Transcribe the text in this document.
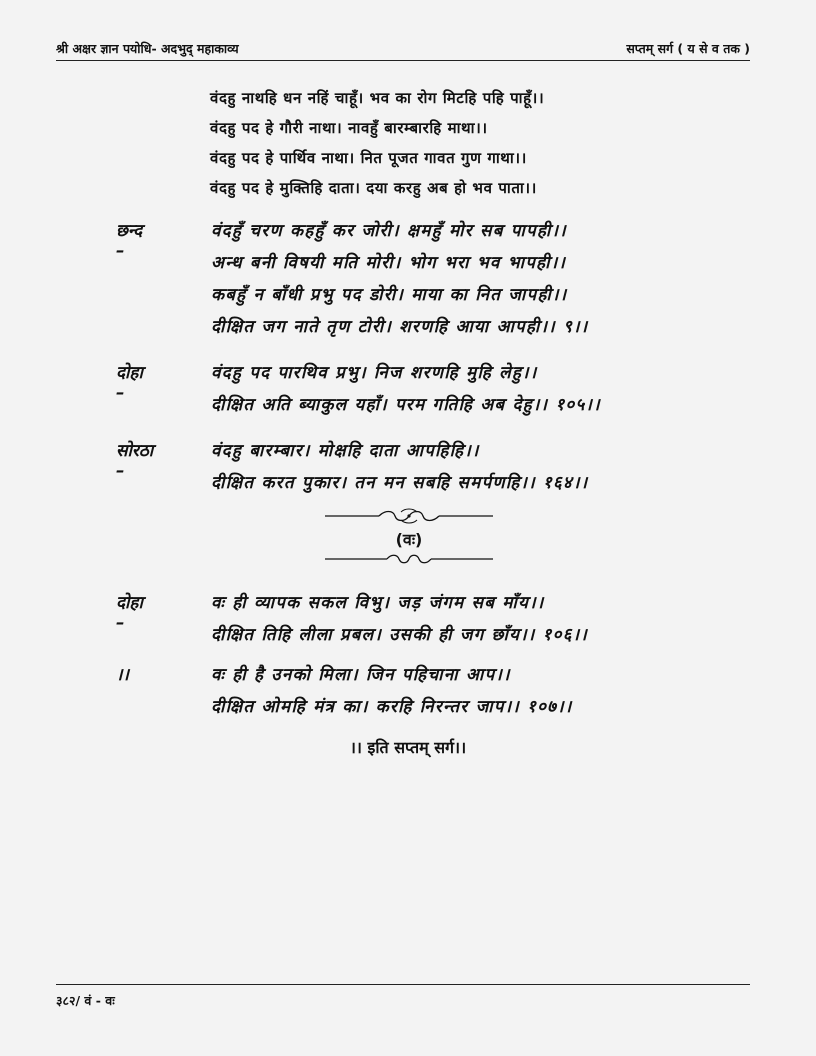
श्री अक्षर ज्ञान पयोधि- अदभुद् महाकाव्य	सप्तम् सर्ग ( य से व तक )
वंदहु नाथहि धन नहिं चाहूँ। भव का रोग मिटहि पहि पाहूँ।।
वंदहु पद हे गौरी नाथा। नावहुँ बारम्बारहि माथा।।
वंदहु पद हे पार्थिव नाथा। नित पूजत गावत गुण गाथा।।
वंदहु पद हे मुक्तिहि दाता। दया करहु अब हो भव पाता।।
छन्द –
वंदहुँ चरण कहहुँ कर जोरी। क्षमहुँ मोर सब पापही।।
अन्ध बनी विषयी मति मोरी। भोग भरा भव भापही।।
कबहुँ न बाँधी प्रभु पद डोरी। माया का नित जापही।।
दीक्षित जग नाते तृण टोरी। शरणहि आया आपही।। ९।।
दोहा –
वंदहु पद पारथिव प्रभु। निज शरणहि मुहि लेहु।।
दीक्षित अति ब्याकुल यहाँ। परम गतिहि अब देहु।। १०५।।
सोरठा –
वंदहु बारम्बार। मोक्षहि दाता आपहिहि।।
दीक्षित करत पुकार। तन मन सबहि समर्पणहि।। १६४।।
(वः)
दोहा –
वः ही व्यापक सकल विभु। जड़ जंगम सब माँय।।
दीक्षित तिहि लीला प्रबल। उसकी ही जग छाँय।। १०६।।
।।	वः ही है उनको मिला। जिन पहिचाना आप।।
दीक्षित ओमहि मंत्र का। करहि निरन्तर जाप।। १०७।।
।। इति सप्तम् सर्ग।।
३८२/ वं - वः
